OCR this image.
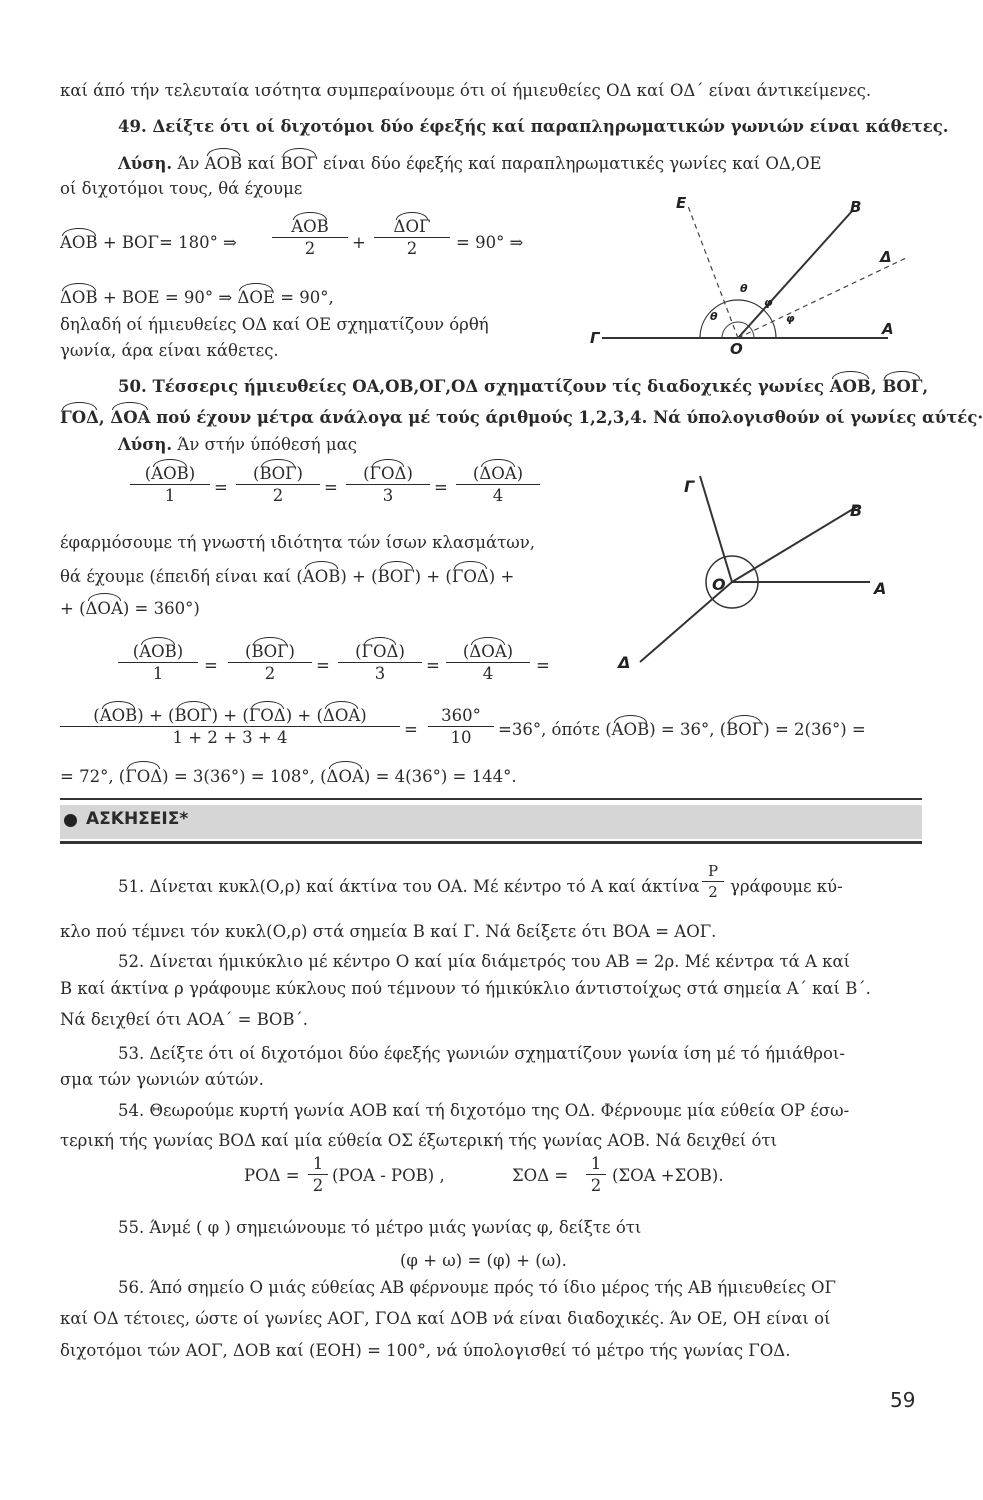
καί άπό τήν τελευταία ισότητα συμπεραίνουμε ότι οί ήμιευθείες ΟΔ καί ΟΔ΄ είναι άντικείμενες.
49. Δείξτε ότι οί διχοτόμοι δύο έφεξής καί παραπληρωματικών γωνιών είναι κάθετες.
Λύση. Άν ΑΟΒ καί ΒΟΓ είναι δύο έφεξής καί παραπληρωματικές γωνίες καί ΟΔ,ΟΕ
οί διχοτόμοι τους, θά έχουμε
ΑΟΒ + ΒΟΓ= 180° ⇒
ΑΟΒ
2	+
ΔΟΓ
2	= 90° ⇒
ΔΟΒ + ΒΟΕ = 90° ⇒ ΔΟΕ = 90°,
δηλαδή οί ήμιευθείες ΟΔ καί ΟΕ σχηματίζουν όρθή
γωνία, άρα είναι κάθετες.
Ε	Β
Δ
Γ
Ο
Α
θ
θ
φ
φ
50. Τέσσερις ήμιευθείες ΟΑ,ΟΒ,ΟΓ,ΟΔ σχηματίζουν τίς διαδοχικές γωνίες ΑΟΒ, ΒΟΓ,
ΓΟΔ, ΔΟΑ πού έχουν μέτρα άνάλογα μέ τούς άριθμούς 1,2,3,4. Νά ύπολογισθούν οί γωνίες αύτές·
Λύση. Άν στήν ύπόθεσή μας
(ΑΟΒ)
1	=
(ΒΟΓ)
2	=
(ΓΟΔ)
3	=
(ΔΟΑ)
4
έφαρμόσουμε τή γνωστή ιδιότητα τών ίσων κλασμάτων,
θά έχουμε (έπειδή είναι καί (ΑΟΒ) + (ΒΟΓ) + (ΓΟΔ) +
+ (ΔΟΑ) = 360°)
(ΑΟΒ)
1	=
(ΒΟΓ)
2	=
(ΓΟΔ)
3	=
(ΔΟΑ)
4	=
Γ
Β
Ο	Α
Δ
(ΑΟΒ) + (ΒΟΓ) + (ΓΟΔ) + (ΔΟΑ)
1 + 2 + 3 + 4	= $\frac{360^\circ}{10} =36^\circ$, όπότε (ΑΟΒ) = 36°, (ΒΟΓ) = 2(36°) =
= 72°, (ΓΟΔ) = 3(36°) = 108°, (ΔΟΑ) = 4(36°) = 144°.
ΑΣΚΗΣΕΙΣ*
51. Δίνεται κυκλ(Ο,ρ) καί άκτίνα του ΟΑ. Μέ κέντρο τό Α καί άκτίνα $\frac{P}{2}$ γράφουμε κύ-
κλο πού τέμνει τόν κυκλ(Ο,ρ) στά σημεία Β καί Γ. Νά δείξετε ότι ΒΟΑ = ΑΟΓ.
52. Δίνεται ήμικύκλιο μέ κέντρο Ο καί μία διάμετρός του ΑΒ = 2ρ. Μέ κέντρα τά Α καί
Β καί άκτίνα ρ γράφουμε κύκλους πού τέμνουν τό ήμικύκλιο άντιστοίχως στά σημεία Α΄ καί Β΄.
Νά δειχθεί ότι ΑΟΑ΄ = ΒΟΒ΄.
53. Δείξτε ότι οί διχοτόμοι δύο έφεξής γωνιών σχηματίζουν γωνία ίση μέ τό ήμιάθροι-
σμα τών γωνιών αύτών.
54. Θεωρούμε κυρτή γωνία ΑΟΒ καί τή διχοτόμο της ΟΔ. Φέρνουμε μία εύθεία ΟΡ έσω-
τερική τής γωνίας ΒΟΔ καί μία εύθεία ΟΣ έξωτερική τής γωνίας ΑΟΒ. Νά δειχθεί ότι
$PO\Delta = \frac{1}{2} (POA - POB)$ ,	$\Sigma O\Delta = \frac{1}{2} (\Sigma OA +\Sigma OB)$.
55. Άνμέ ( φ ) σημειώνουμε τό μέτρο μιάς γωνίας φ, δείξτε ότι
(φ + ω) = (φ) + (ω).
56. Άπό σημείο Ο μιάς εύθείας ΑΒ φέρνουμε πρός τό ίδιο μέρος τής ΑΒ ήμιευθείες ΟΓ
καί ΟΔ τέτοιες, ώστε οί γωνίες ΑΟΓ, ΓΟΔ καί ΔΟΒ νά είναι διαδοχικές. Άν ΟΕ, ΟΗ είναι οί
διχοτόμοι τών ΑΟΓ, ΔΟΒ καί (ΕΟΗ) = 100°, νά ύπολογισθεί τό μέτρο τής γωνίας ΓΟΔ.
59
